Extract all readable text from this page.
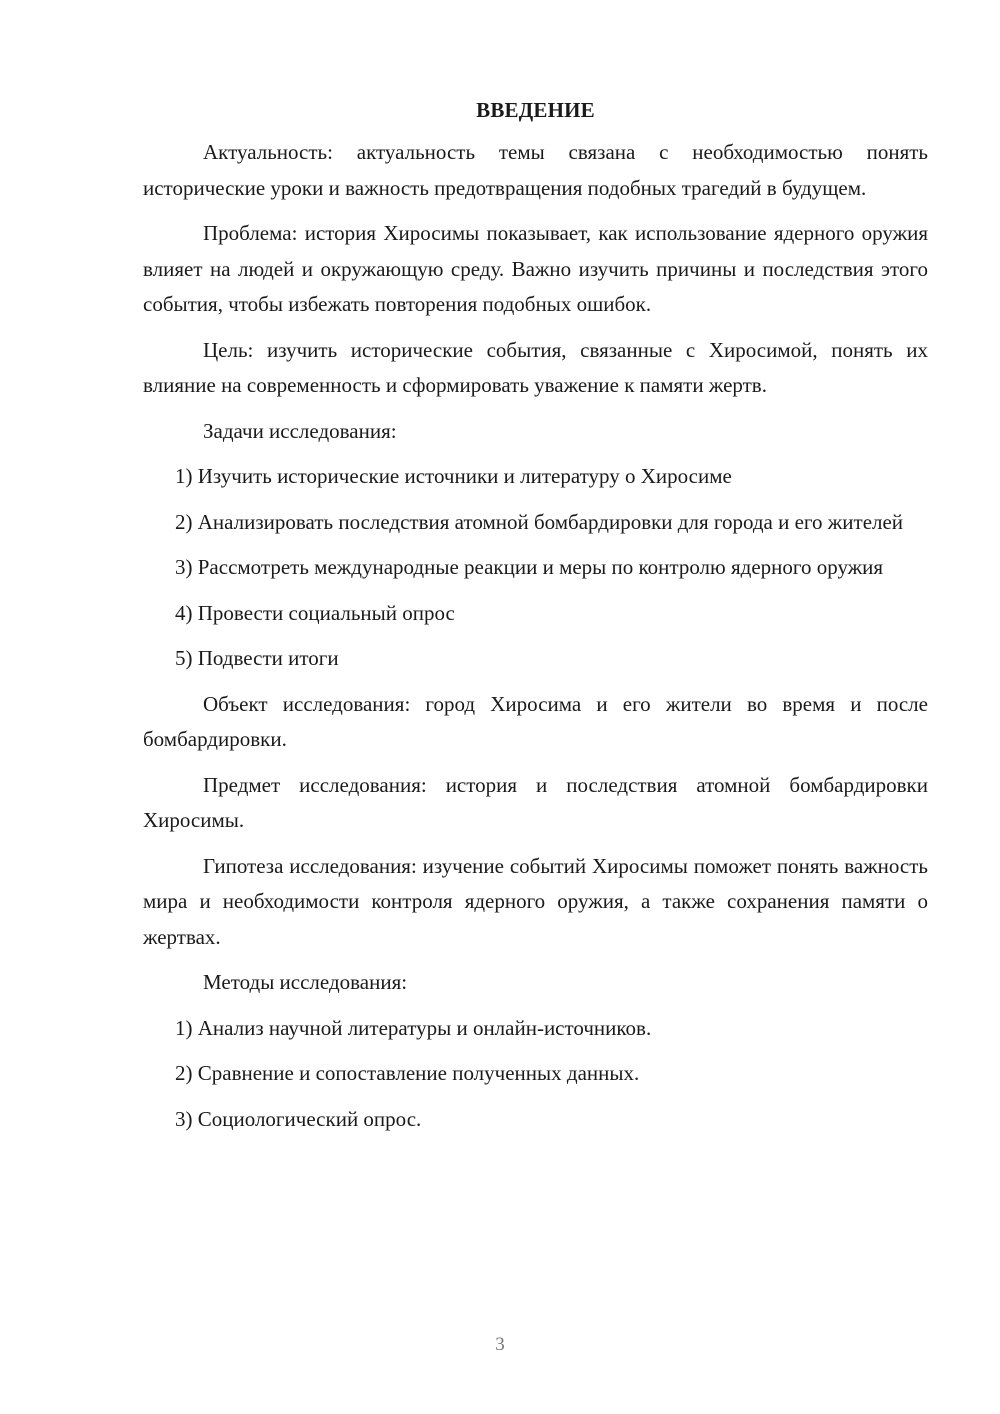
ВВЕДЕНИЕ
Актуальность: актуальность темы связана с необходимостью понять исторические уроки и важность предотвращения подобных трагедий в будущем.
Проблема: история Хиросимы показывает, как использование ядерного оружия влияет на людей и окружающую среду. Важно изучить причины и последствия этого события, чтобы избежать повторения подобных ошибок.
Цель: изучить исторические события, связанные с Хиросимой, понять их влияние на современность и сформировать уважение к памяти жертв.
Задачи исследования:
1) Изучить исторические источники и литературу о Хиросиме
2) Анализировать последствия атомной бомбардировки для города и его жителей
3) Рассмотреть международные реакции и меры по контролю ядерного оружия
4) Провести социальный опрос
5) Подвести итоги
Объект исследования: город Хиросима и его жители во время и после бомбардировки.
Предмет исследования: история и последствия атомной бомбардировки Хиросимы.
Гипотеза исследования: изучение событий Хиросимы поможет понять важность мира и необходимости контроля ядерного оружия, а также сохранения памяти о жертвах.
Методы исследования:
1) Анализ научной литературы и онлайн-источников.
2) Сравнение и сопоставление полученных данных.
3) Социологический опрос.
3
